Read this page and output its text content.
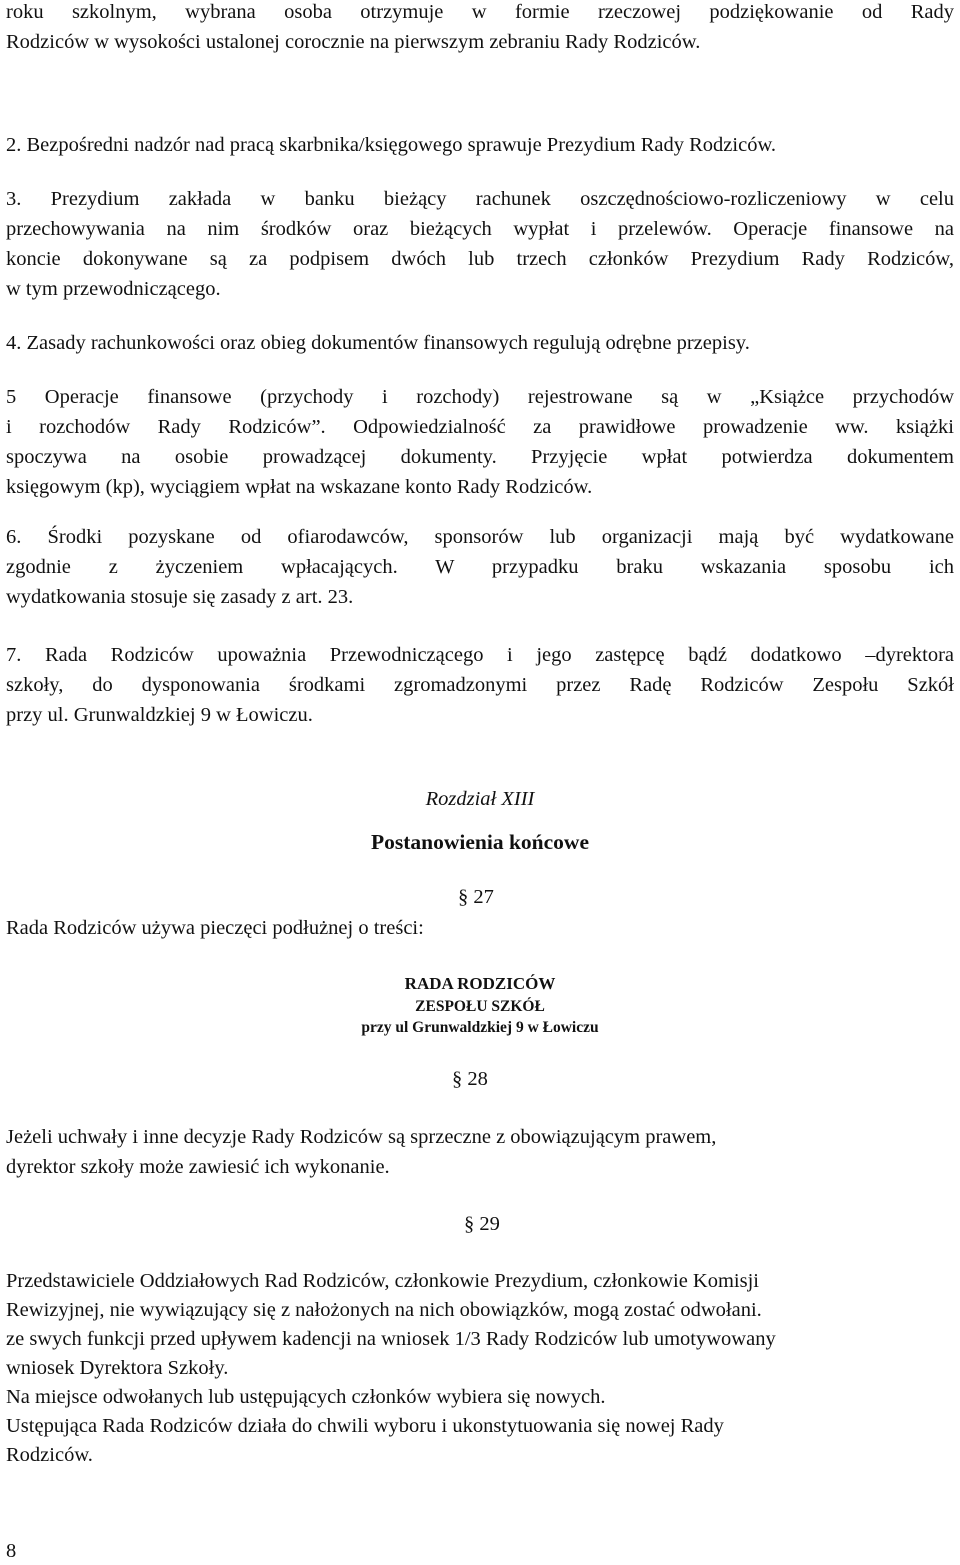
roku szkolnym, wybrana osoba otrzymuje w formie rzeczowej podziękowanie od Rady
Rodziców w wysokości ustalonej corocznie na pierwszym zebraniu Rady Rodziców.
2. Bezpośredni nadzór nad pracą skarbnika/księgowego sprawuje Prezydium Rady Rodziców.
3. Prezydium zakłada w banku bieżący rachunek oszczędnościowo-rozliczeniowy w celu
przechowywania na nim środków oraz bieżących wypłat i przelewów. Operacje finansowe na
koncie dokonywane są za podpisem dwóch lub trzech członków Prezydium Rady Rodziców,
w tym przewodniczącego.
4. Zasady rachunkowości oraz obieg dokumentów finansowych regulują odrębne przepisy.
5 Operacje finansowe (przychody i rozchody) rejestrowane są w „Książce przychodów
i rozchodów Rady Rodziców”. Odpowiedzialność za prawidłowe prowadzenie ww. książki
spoczywa na osobie prowadzącej dokumenty. Przyjęcie wpłat potwierdza dokumentem
księgowym (kp), wyciągiem wpłat na wskazane konto Rady Rodziców.
6. Środki pozyskane od ofiarodawców, sponsorów lub organizacji mają być wydatkowane
zgodnie z życzeniem wpłacających. W przypadku braku wskazania sposobu ich
wydatkowania stosuje się zasady z art. 23.
7. Rada Rodziców upoważnia Przewodniczącego i jego zastępcę bądź dodatkowo –dyrektora
szkoły, do dysponowania środkami zgromadzonymi przez Radę Rodziców Zespołu Szkół
przy ul. Grunwaldzkiej 9 w Łowiczu.
Rozdział XIII
Postanowienia końcowe
§ 27
Rada Rodziców używa pieczęci podłużnej o treści:
RADA RODZICÓW
ZESPOŁU SZKÓŁ
przy ul Grunwaldzkiej 9 w Łowiczu
§ 28
Jeżeli uchwały i inne decyzje Rady Rodziców są sprzeczne z obowiązującym prawem,
dyrektor szkoły może zawiesić ich wykonanie.
§ 29
Przedstawiciele Oddziałowych Rad Rodziców, członkowie Prezydium, członkowie Komisji
Rewizyjnej, nie wywiązujący się z nałożonych na nich obowiązków, mogą zostać odwołani.
ze swych funkcji przed upływem kadencji na wniosek 1/3 Rady Rodziców lub umotywowany
wniosek Dyrektora Szkoły.
Na miejsce odwołanych lub ustępujących członków wybiera się nowych.
Ustępująca Rada Rodziców działa do chwili wyboru i ukonstytuowania się nowej Rady
Rodziców.
8
